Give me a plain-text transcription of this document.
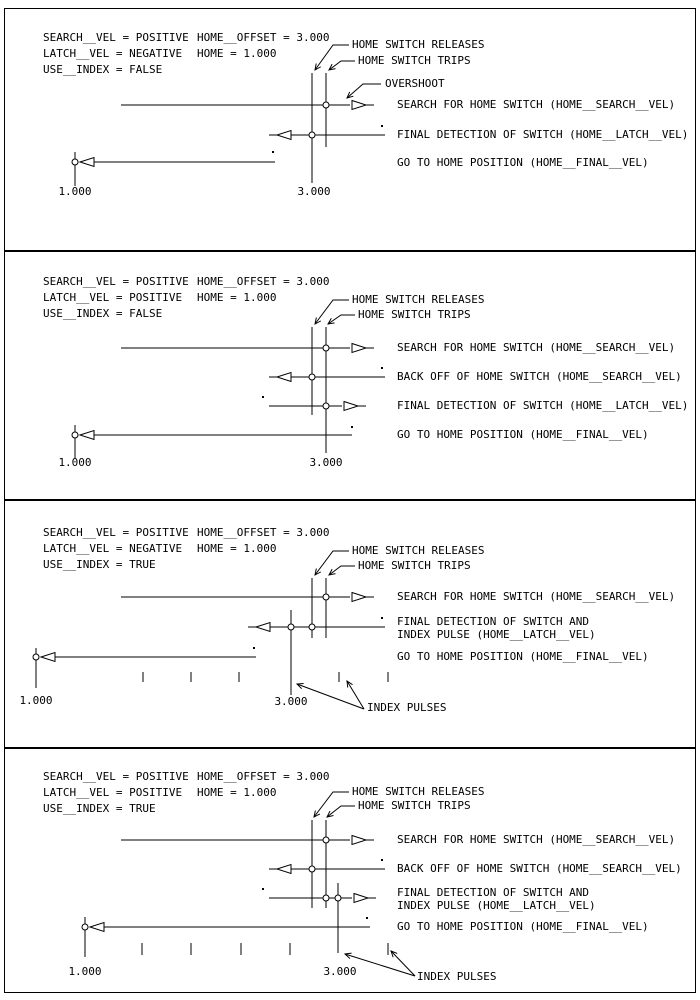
SEARCH__VEL = POSITIVE
LATCH__VEL = NEGATIVE
USE__INDEX = FALSE
HOME__OFFSET = 3.000
HOME = 1.000
HOME SWITCH RELEASES
HOME SWITCH TRIPS
OVERSHOOT
SEARCH FOR HOME SWITCH (HOME__SEARCH__VEL)
FINAL DETECTION OF SWITCH (HOME__LATCH__VEL)
GO TO HOME POSITION (HOME__FINAL__VEL)
1.000	3.000
SEARCH__VEL = POSITIVE
LATCH__VEL = POSITIVE
USE__INDEX = FALSE
HOME__OFFSET = 3.000
HOME = 1.000	HOME SWITCH RELEASES
HOME SWITCH TRIPS
SEARCH FOR HOME SWITCH (HOME__SEARCH__VEL)
BACK OFF OF HOME SWITCH (HOME__SEARCH__VEL)
FINAL DETECTION OF SWITCH (HOME__LATCH__VEL)
GO TO HOME POSITION (HOME__FINAL__VEL)
1.000	3.000
SEARCH__VEL = POSITIVE
LATCH__VEL = NEGATIVE
USE__INDEX = TRUE
HOME__OFFSET = 3.000
HOME = 1.000	HOME SWITCH RELEASES
HOME SWITCH TRIPS
SEARCH FOR HOME SWITCH (HOME__SEARCH__VEL)
FINAL DETECTION OF SWITCH AND
INDEX PULSE (HOME__LATCH__VEL)
GO TO HOME POSITION (HOME__FINAL__VEL)
INDEX PULSES
1.000	3.000
SEARCH__VEL = POSITIVE
LATCH__VEL = POSITIVE
USE__INDEX = TRUE
HOME__OFFSET = 3.000
HOME = 1.000	HOME SWITCH RELEASES
HOME SWITCH TRIPS
SEARCH FOR HOME SWITCH (HOME__SEARCH__VEL)
BACK OFF OF HOME SWITCH (HOME__SEARCH__VEL)
FINAL DETECTION OF SWITCH AND
INDEX PULSE (HOME__LATCH__VEL)
GO TO HOME POSITION (HOME__FINAL__VEL)
INDEX PULSES
1.000	3.000
